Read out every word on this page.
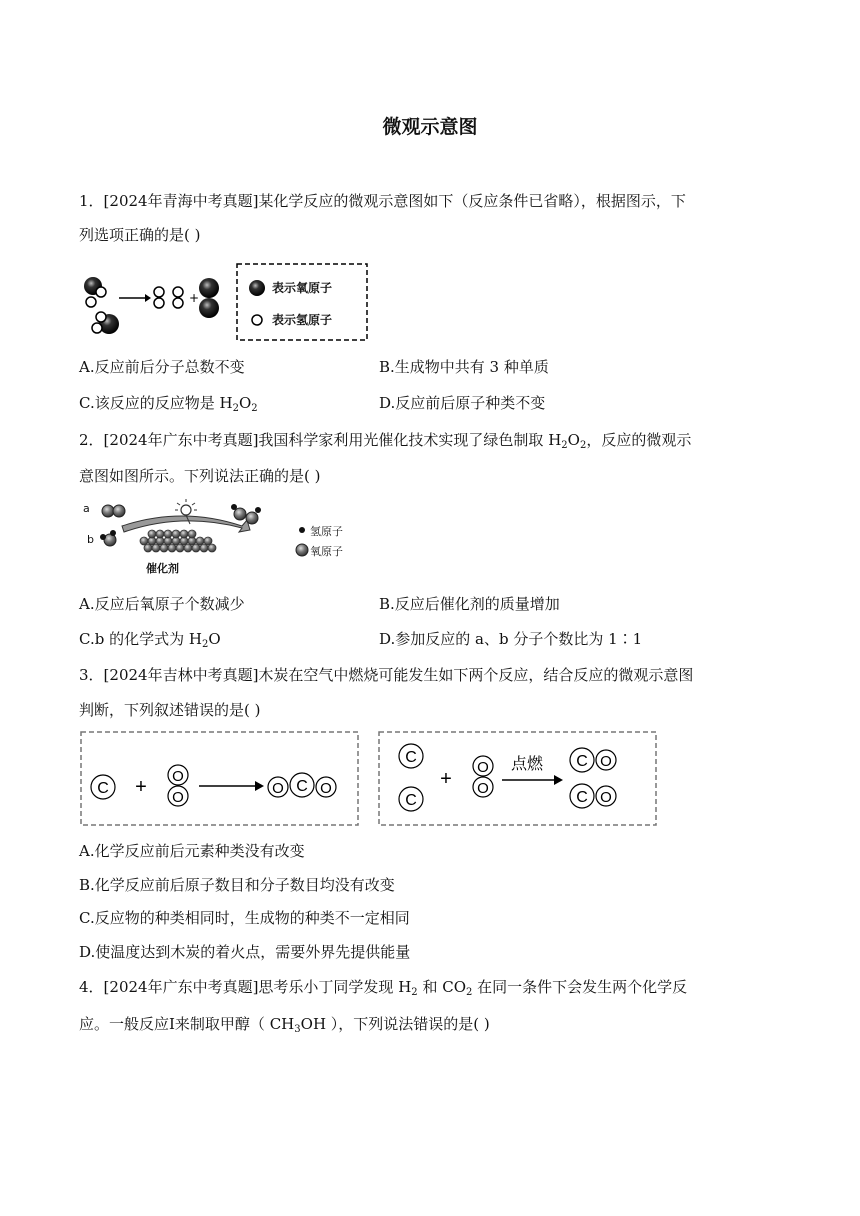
微观示意图
1．[2024年青海中考真题]某化学反应的微观示意图如下（反应条件已省略），根据图示，下
列选项正确的是( )
+
表示氧原子
表示氢原子
A.反应前后分子总数不变	B.生成物中共有 3 种单质
C.该反应的反应物是 $H_2O_2$	D.反应前后原子种类不变
2．[2024年广东中考真题]我国科学家利用光催化技术实现了绿色制取 $H_2O_2$，反应的微观示
意图如图所示。下列说法正确的是( )
a
b
催化剂
氢原子
氧原子
A.反应后氧原子个数减少	B.反应后催化剂的质量增加
C.b 的化学式为 $H_2O$	D.参加反应的 a、b 分子个数比为 1∶1
3．[2024年吉林中考真题]木炭在空气中燃烧可能发生如下两个反应，结合反应的微观示意图
判断，下列叙述错误的是( )
C + O
O
O C O
C
C
+
O
O
点燃 C O
C O
A.化学反应前后元素种类没有改变
B.化学反应前后原子数目和分子数目均没有改变
C.反应物的种类相同时，生成物的种类不一定相同
D.使温度达到木炭的着火点，需要外界先提供能量
4．[2024年广东中考真题]思考乐小丁同学发现 $H_2$ 和 $CO_2$ 在同一条件下会发生两个化学反
应。一般反应I来制取甲醇（ $CH_3OH$ ），下列说法错误的是( )
